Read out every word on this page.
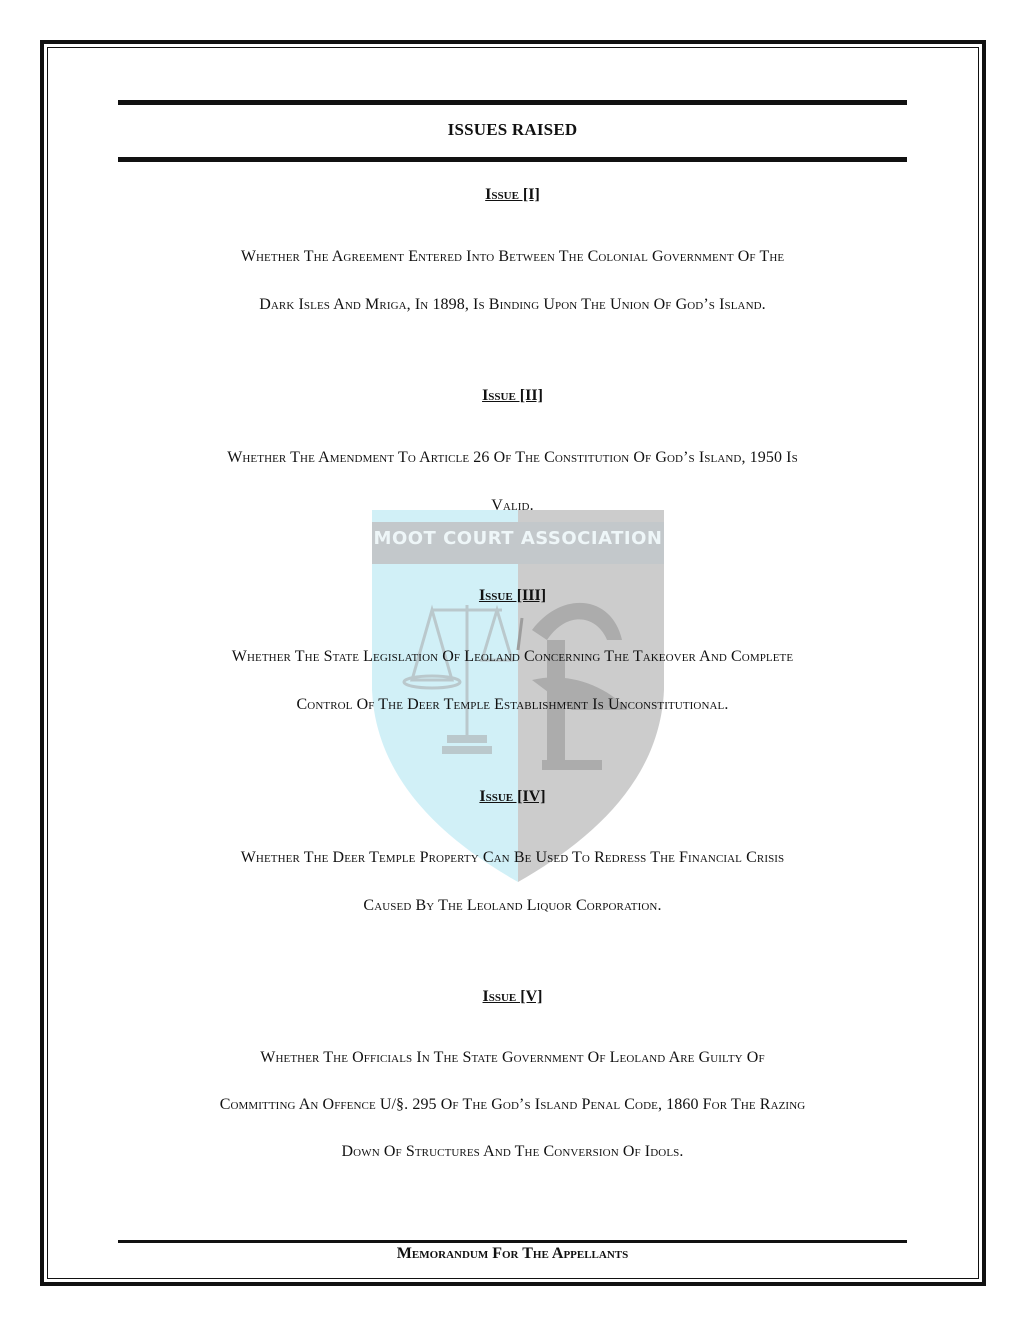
MOOT COURT ASSOCIATION
ISSUES RAISED
Issue [I]
Whether The Agreement Entered Into Between The Colonial Government Of The
Dark Isles And Mriga, In 1898, Is Binding Upon The Union Of God’s Island.
Issue [II]
Whether The Amendment To Article 26 Of The Constitution Of God’s Island, 1950 Is
Valid.
Issue [III]
Whether The State Legislation Of Leoland Concerning The Takeover And Complete
Control Of The Deer Temple Establishment Is Unconstitutional.
Issue [IV]
Whether The Deer Temple Property Can Be Used To Redress The Financial Crisis
Caused By The Leoland Liquor Corporation.
Issue [V]
Whether The Officials In The State Government Of Leoland Are Guilty Of
Committing An Offence U/§. 295 Of The God’s Island Penal Code, 1860 For The Razing
Down Of Structures And The Conversion Of Idols.
Memorandum For The Appellants
